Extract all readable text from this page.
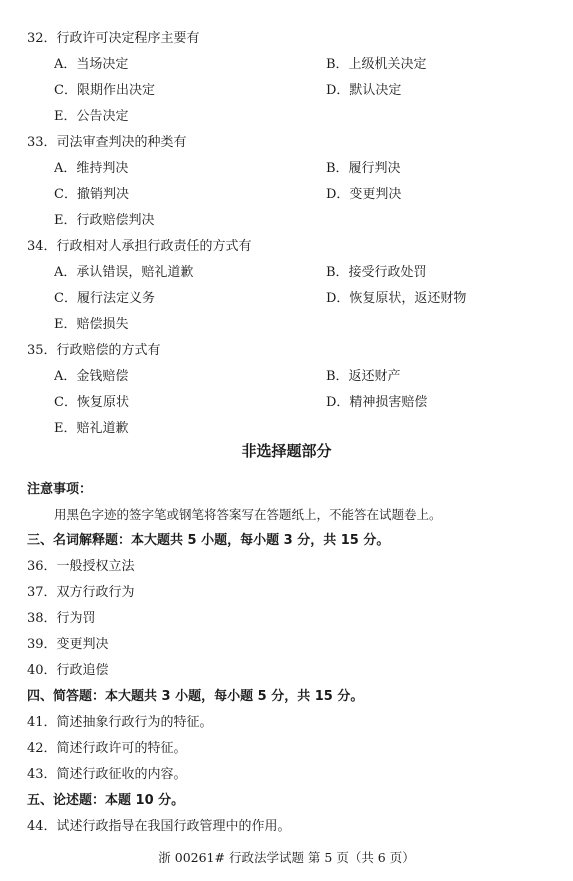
32．行政许可决定程序主要有
A．当场决定	B．上级机关决定
C．限期作出决定	D．默认决定
E．公告决定
33．司法审查判决的种类有
A．维持判决	B．履行判决
C．撤销判决	D．变更判决
E．行政赔偿判决
34．行政相对人承担行政责任的方式有
A．承认错误，赔礼道歉	B．接受行政处罚
C．履行法定义务	D．恢复原状，返还财物
E．赔偿损失
35．行政赔偿的方式有
A．金钱赔偿	B．返还财产
C．恢复原状	D．精神损害赔偿
E．赔礼道歉
非选择题部分
注意事项：
用黑色字迹的签字笔或钢笔将答案写在答题纸上，不能答在试题卷上。
三、名词解释题：本大题共 5 小题，每小题 3 分，共 15 分。
36．一般授权立法
37．双方行政行为
38．行为罚
39．变更判决
40．行政追偿
四、简答题：本大题共 3 小题，每小题 5 分，共 15 分。
41．简述抽象行政行为的特征。
42．简述行政许可的特征。
43．简述行政征收的内容。
五、论述题：本题 10 分。
44．试述行政指导在我国行政管理中的作用。
浙 00261# 行政法学试题 第 5 页（共 6 页）
